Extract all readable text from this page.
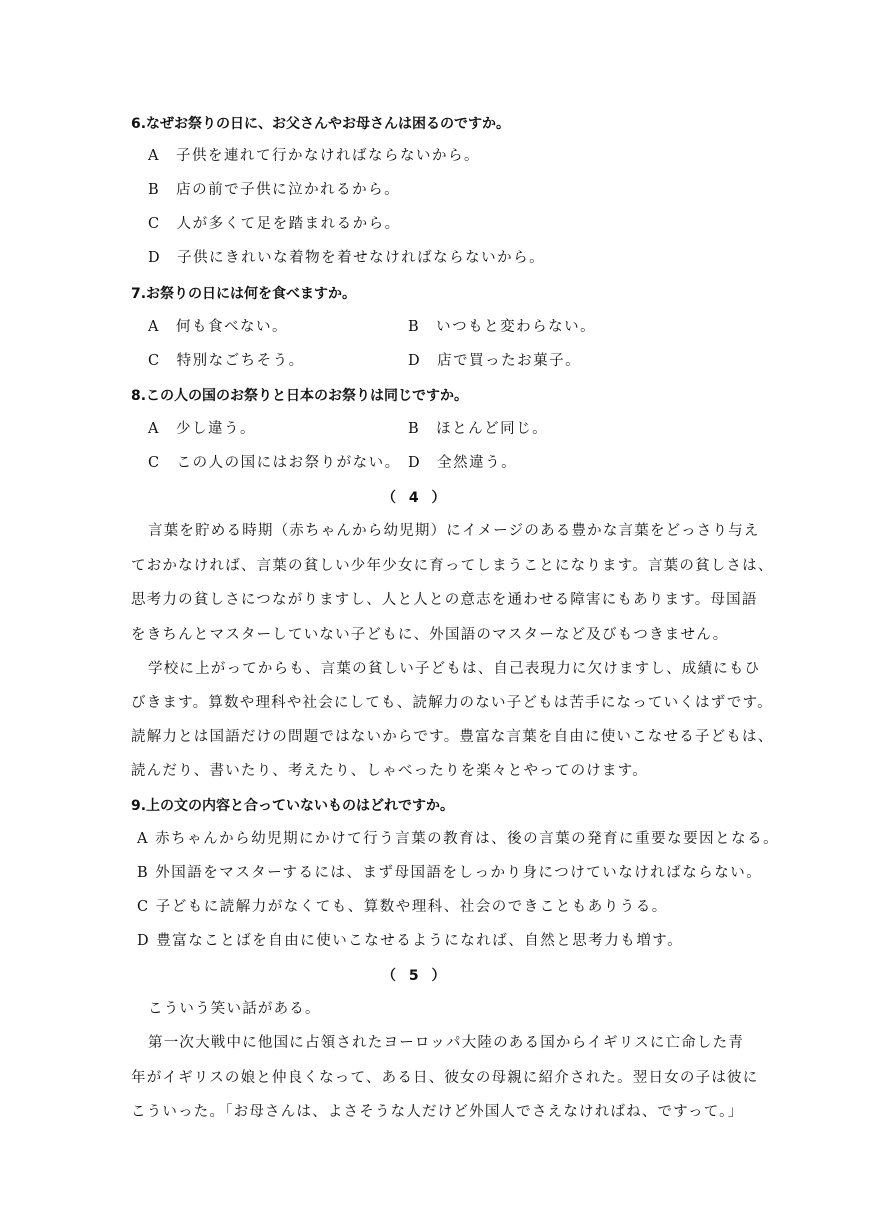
6.なぜお祭りの日に、お父さんやお母さんは困るのですか。
A　子供を連れて行かなければならないから。
B　店の前で子供に泣かれるから。
C　人が多くて足を踏まれるから。
D　子供にきれいな着物を着せなければならないから。
7.お祭りの日には何を食べますか。
A　何も食べない。	B　いつもと変わらない。
C　特別なごちそう。	D　店で買ったお菓子。
8.この人の国のお祭りと日本のお祭りは同じですか。
A　少し違う。	B　ほとんど同じ。
C　この人の国にはお祭りがない。 D　全然違う。
（ 4 ）
言葉を貯める時期（赤ちゃんから幼児期）にイメージのある豊かな言葉をどっさり与え
ておかなければ、言葉の貧しい少年少女に育ってしまうことになります。言葉の貧しさは、
思考力の貧しさにつながりますし、人と人との意志を通わせる障害にもあります。母国語
をきちんとマスターしていない子どもに、外国語のマスターなど及びもつきません。
学校に上がってからも、言葉の貧しい子どもは、自己表現力に欠けますし、成績にもひ
びきます。算数や理科や社会にしても、読解力のない子どもは苦手になっていくはずです。
読解力とは国語だけの問題ではないからです。豊富な言葉を自由に使いこなせる子どもは、
読んだり、書いたり、考えたり、しゃべったりを楽々とやってのけます。
9.上の文の内容と合っていないものはどれですか。
A 赤ちゃんから幼児期にかけて行う言葉の教育は、後の言葉の発育に重要な要因となる。
B 外国語をマスターするには、まず母国語をしっかり身につけていなければならない。
C 子どもに読解力がなくても、算数や理科、社会のできこともありうる。
D 豊富なことばを自由に使いこなせるようになれば、自然と思考力も増す。
（ 5 ）
こういう笑い話がある。
第一次大戦中に他国に占領されたヨーロッパ大陸のある国からイギリスに亡命した青
年がイギリスの娘と仲良くなって、ある日、彼女の母親に紹介された。翌日女の子は彼に
こういった。「お母さんは、よさそうな人だけど外国人でさえなければね、ですって。」
